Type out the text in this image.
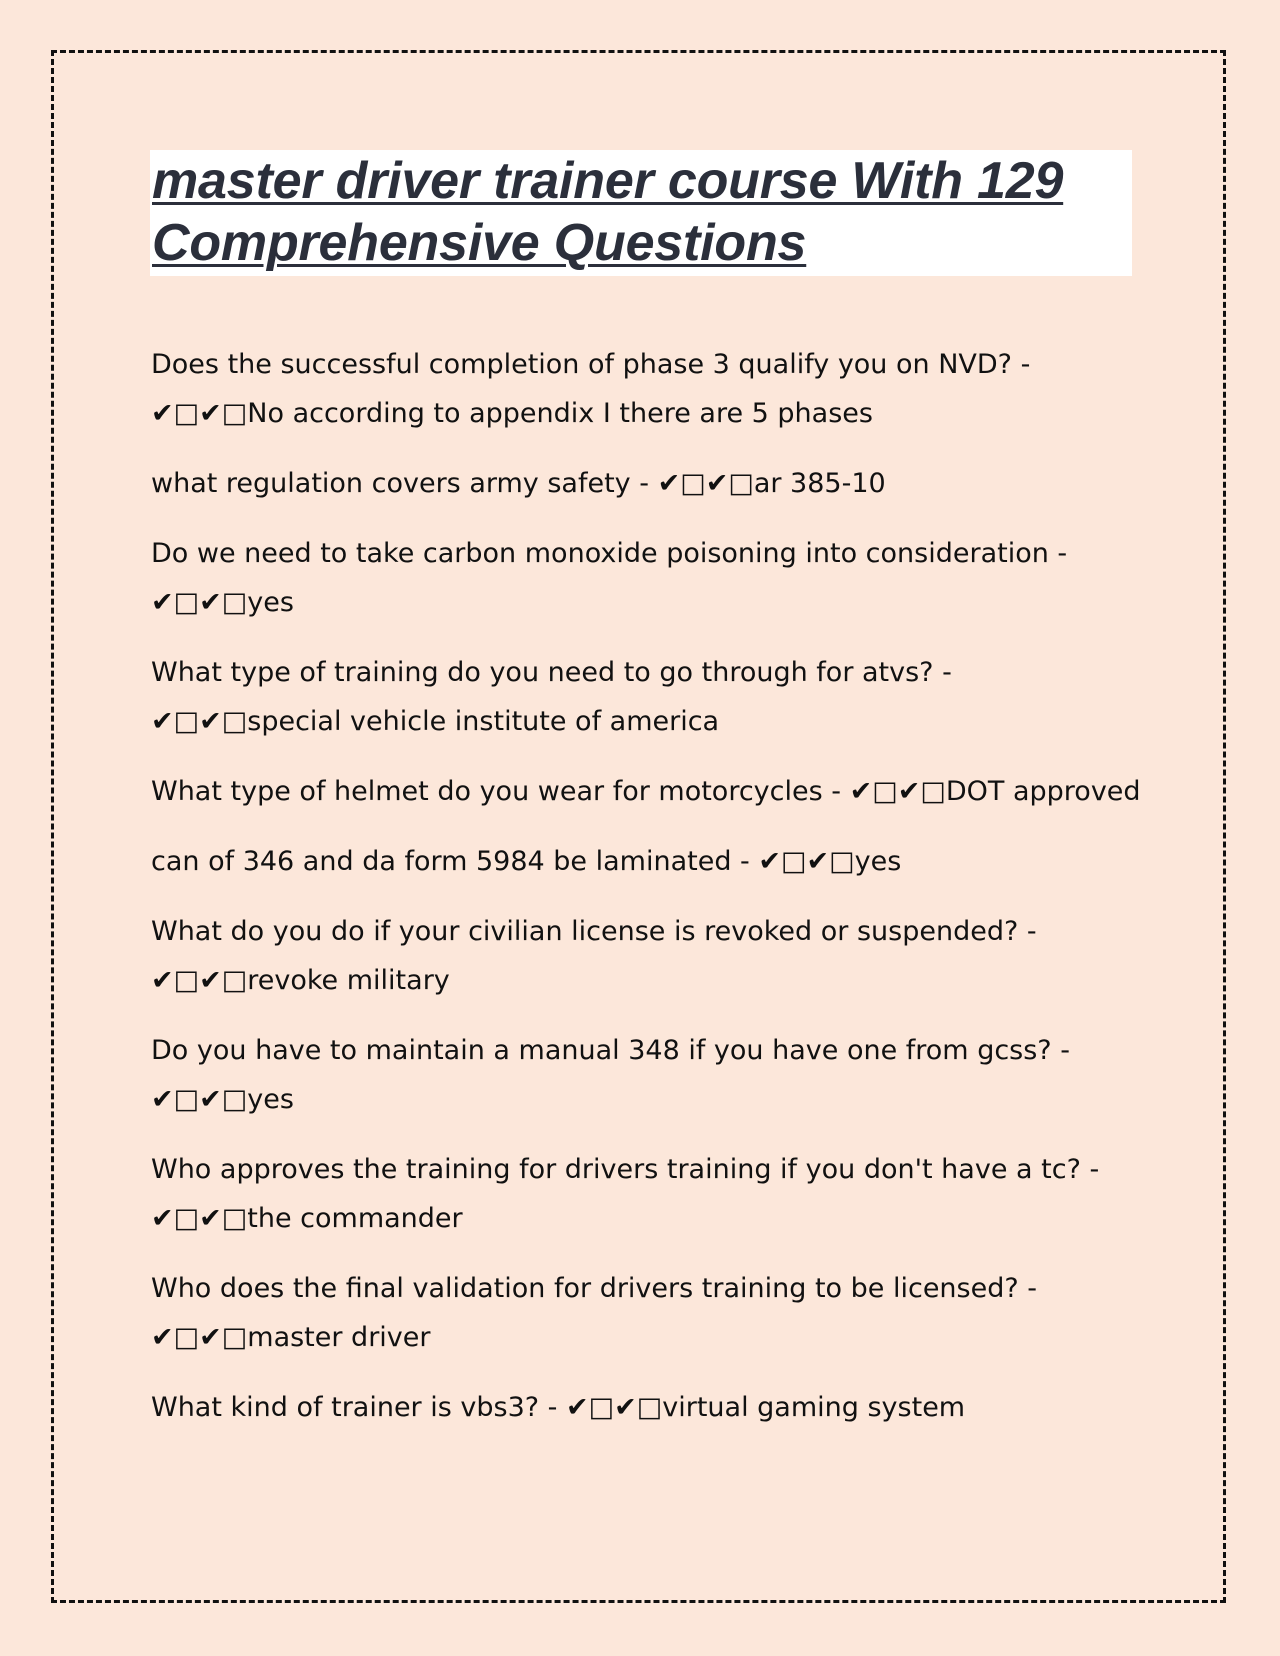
master driver trainer course With 129 Comprehensive Questions
Does the successful completion of phase 3 qualify you on NVD? - ✔□✔□No according to appendix I there are 5 phases
what regulation covers army safety - ✔□✔□ar 385-10
Do we need to take carbon monoxide poisoning into consideration - ✔□✔□yes
What type of training do you need to go through for atvs? - ✔□✔□special vehicle institute of america
What type of helmet do you wear for motorcycles - ✔□✔□DOT approved
can of 346 and da form 5984 be laminated - ✔□✔□yes
What do you do if your civilian license is revoked or suspended? - ✔□✔□revoke military
Do you have to maintain a manual 348 if you have one from gcss? - ✔□✔□yes
Who approves the training for drivers training if you don't have a tc? - ✔□✔□the commander
Who does the final validation for drivers training to be licensed? - ✔□✔□master driver
What kind of trainer is vbs3? - ✔□✔□virtual gaming system
